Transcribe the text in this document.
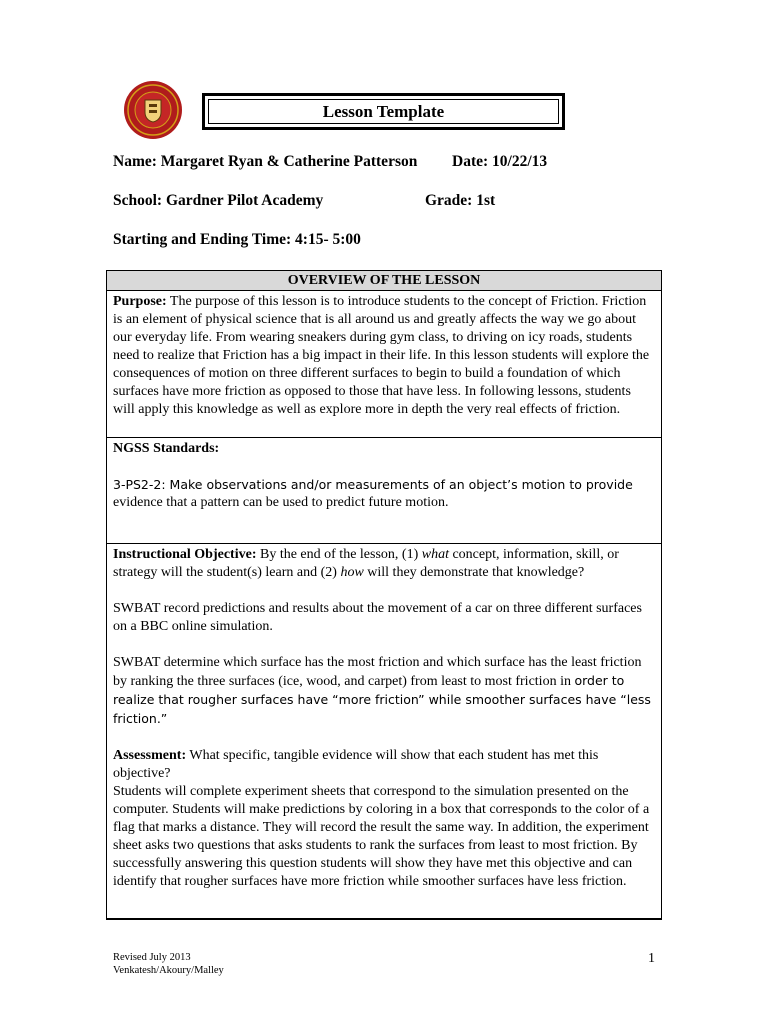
Lesson Template
Name: Margaret Ryan & Catherine Patterson Date: 10/22/13
School: Gardner Pilot Academy	Grade: 1st
Starting and Ending Time: 4:15- 5:00
OVERVIEW OF THE LESSON

Purpose: The purpose of this lesson is to introduce students to the concept of Friction. Friction is an element of physical science that is all around us and greatly affects the way we go about our everyday life. From wearing sneakers during gym class, to driving on icy roads, students need to realize that Friction has a big impact in their life. In this lesson students will explore the consequences of motion on three different surfaces to begin to build a foundation of which surfaces have more friction as opposed to those that have less. In following lessons, students will apply this knowledge as well as explore more in depth the very real effects of friction.

NGSS Standards:

3-PS2-2: Make observations and/or measurements of an object’s motion to provide

evidence that a pattern can be used to predict future motion.

Instructional Objective: By the end of the lesson, (1) what concept, information, skill, or strategy will the student(s) learn and (2) how will they demonstrate that knowledge?

SWBAT record predictions and results about the movement of a car on three different surfaces on a BBC online simulation.

SWBAT determine which surface has the most friction and which surface has the least friction by ranking the three surfaces (ice, wood, and carpet) from least to most friction in order to realize that rougher surfaces have “more friction” while smoother surfaces have “less friction.”

Assessment: What specific, tangible evidence will show that each student has met this objective?

Students will complete experiment sheets that correspond to the simulation presented on the computer. Students will make predictions by coloring in a box that corresponds to the color of a flag that marks a distance. They will record the result the same way. In addition, the experiment sheet asks two questions that asks students to rank the surfaces from least to most friction. By successfully answering this question students will show they have met this objective and can identify that rougher surfaces have more friction while smoother surfaces have less friction.

Revised July 2013
Venkatesh/Akoury/Malley
1
